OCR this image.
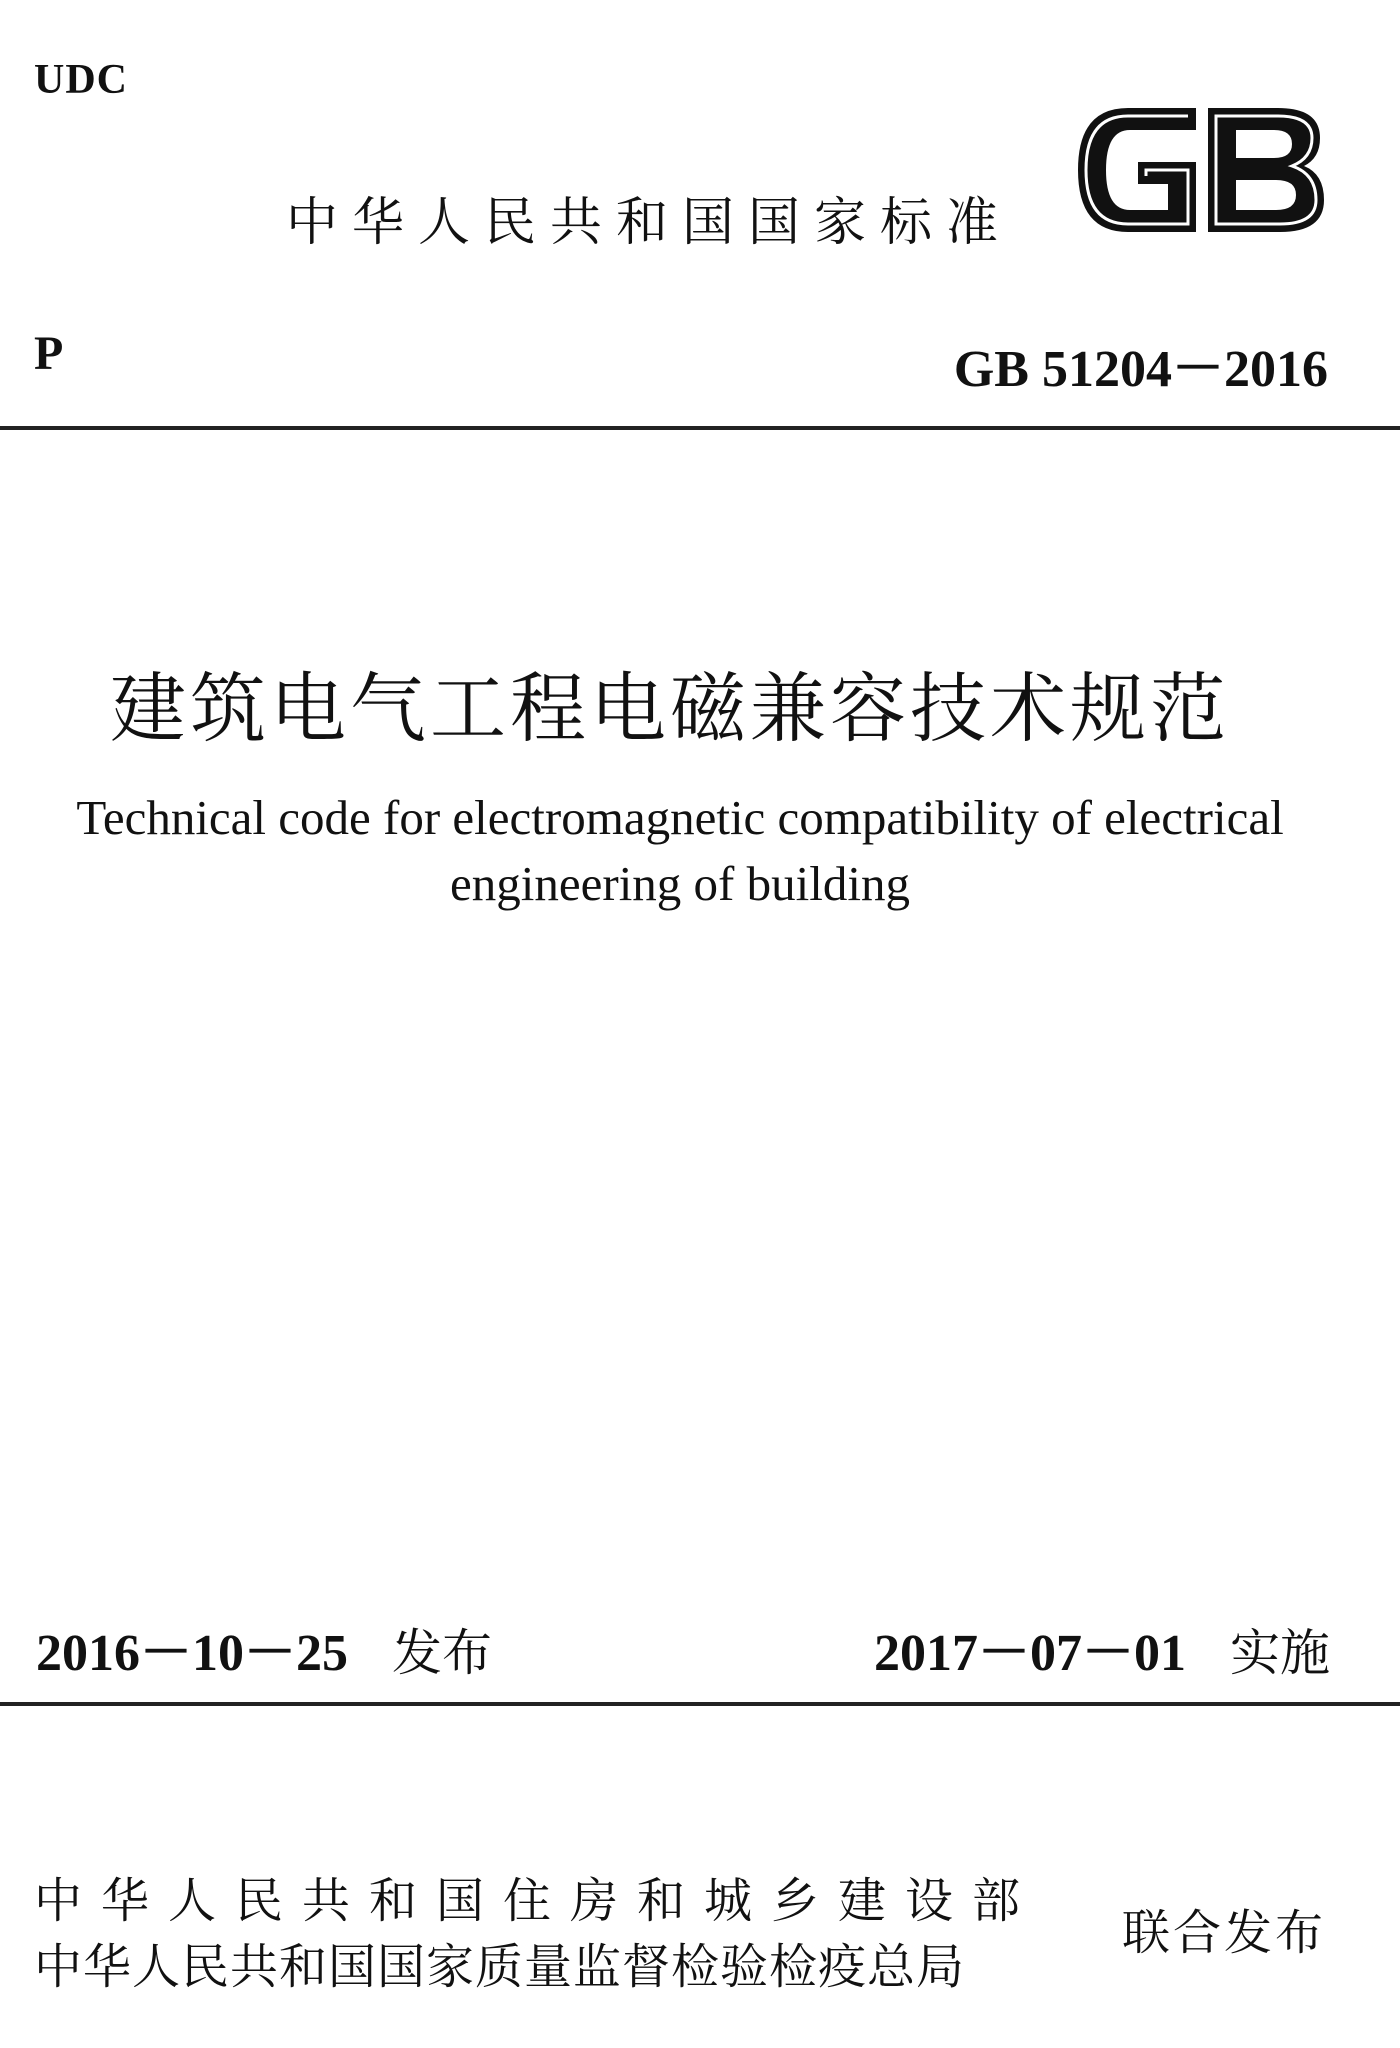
UDC
中华人民共和国国家标准
P	GB 51204－2016
建筑电气工程电磁兼容技术规范
Technical code for electromagnetic compatibility of electrical
engineering of building
2016－10－25 发布	2017－07－01 实施
中华人民共和国住房和城乡建设部
中华人民共和国国家质量监督检验检疫总局
联合发布
